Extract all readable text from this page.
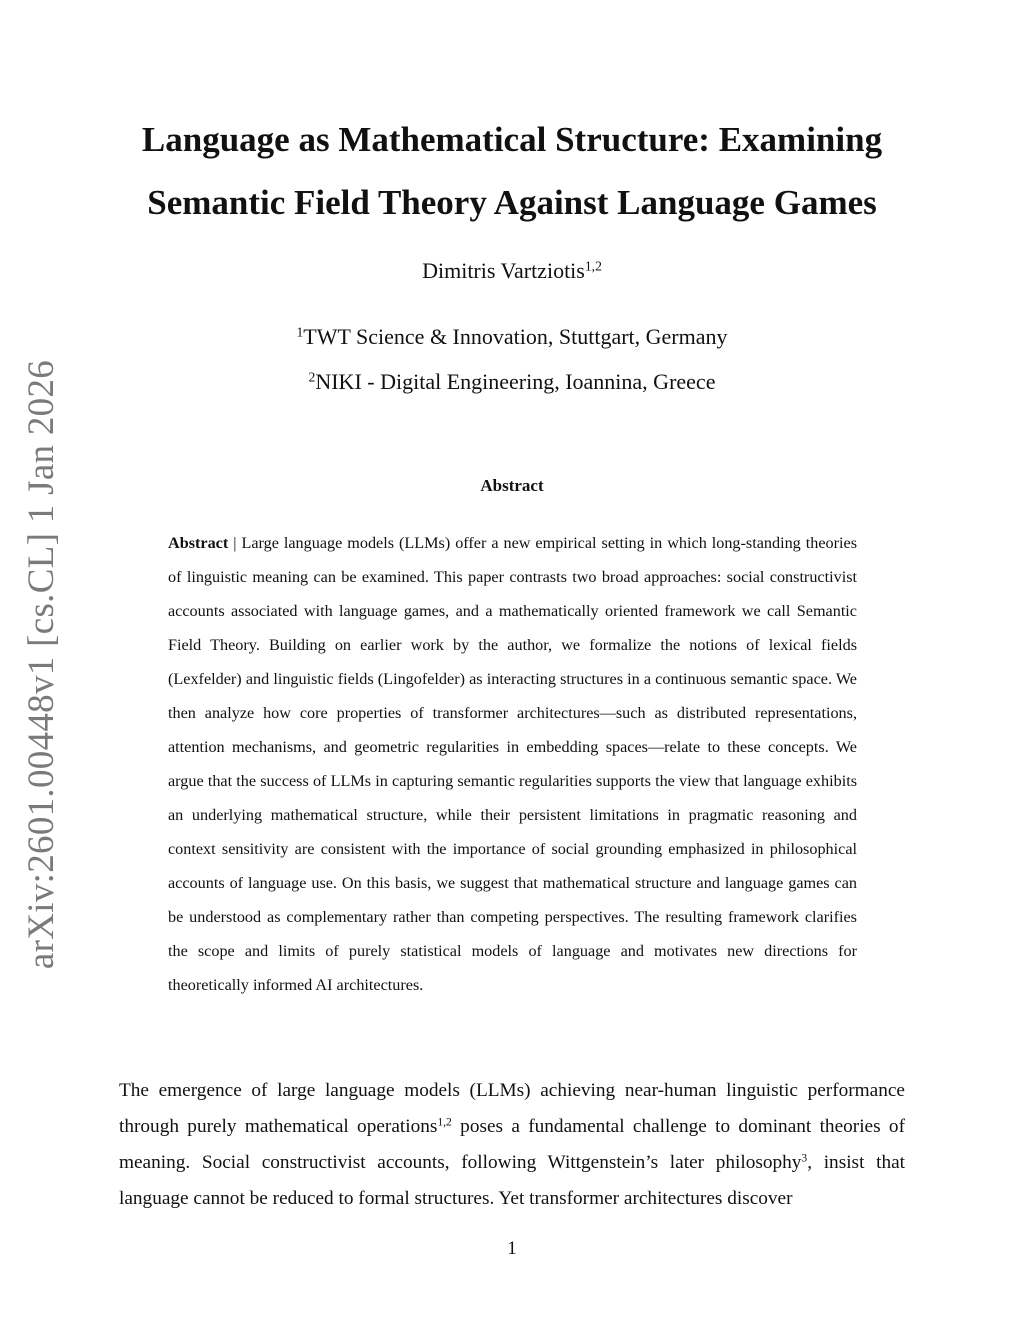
arXiv:2601.00448v1 [cs.CL] 1 Jan 2026
Language as Mathematical Structure: Examining
Semantic Field Theory Against Language Games
Dimitris Vartziotis$^{1,2}$
$^1$TWT Science & Innovation, Stuttgart, Germany
$^2$NIKI - Digital Engineering, Ioannina, Greece
Abstract

Abstract | Large language models (LLMs) offer a new empirical setting in which long-standing theories of linguistic meaning can be examined. This paper contrasts two broad approaches: social constructivist accounts associated with language games, and a mathematically oriented framework we call Semantic Field Theory. Building on earlier work by the author, we formalize the notions of lexical fields (Lexfelder) and linguistic fields (Lingofelder) as interacting structures in a continuous semantic space. We then analyze how core properties of transformer architectures—such as distributed representations, attention mechanisms, and geometric regularities in embedding spaces—relate to these concepts. We argue that the success of LLMs in capturing semantic regularities supports the view that language exhibits an underlying mathematical structure, while their persistent limitations in pragmatic reasoning and context sensitivity are consistent with the importance of social grounding emphasized in philosophical accounts of language use. On this basis, we suggest that mathematical structure and language games can be understood as complementary rather than competing perspectives. The resulting framework clarifies the scope and limits of purely statistical models of language and motivates new directions for theoretically informed AI architectures.

The emergence of large language models (LLMs) achieving near-human linguistic performance through purely mathematical operations$^{1,2}$ poses a fundamental challenge to dominant theories of meaning. Social constructivist accounts, following Wittgenstein’s later philosophy$^3$, insist that language cannot be reduced to formal structures. Yet transformer architectures discover

1
